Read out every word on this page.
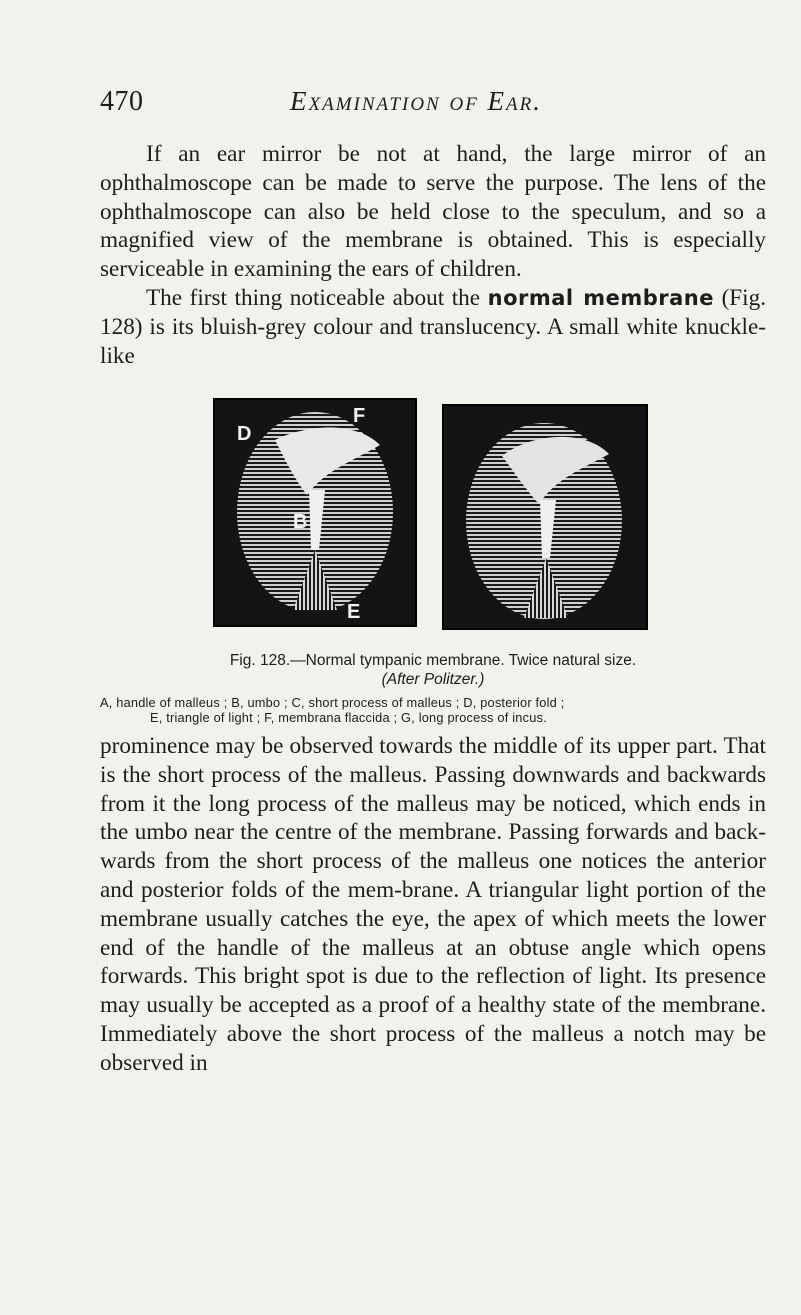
470	Examination of Ear.

If an ear mirror be not at hand, the large mirror of an ophthalmoscope can be made to serve the purpose. The lens of the ophthalmoscope can also be held close to the speculum, and so a magnified view of the membrane is obtained. This is especially serviceable in examining the ears of children.

The first thing noticeable about the normal membrane (Fig. 128) is its bluish-grey colour and translucency. A small white knuckle-like

D
F
B
E
Fig. 128.—Normal tympanic membrane. Twice natural size.
(After Politzer.)
A, handle of malleus ; B, umbo ; C, short process of malleus ; D, posterior fold ;
E, triangle of light ; F, membrana flaccida ; G, long process of incus.

prominence may be observed towards the middle of its upper part. That is the short process of the malleus. Passing downwards and backwards from it the long process of the malleus may be noticed, which ends in the umbo near the centre of the membrane. Passing forwards and back-wards from the short process of the malleus one notices the anterior and posterior folds of the mem-brane. A triangular light portion of the membrane usually catches the eye, the apex of which meets the lower end of the handle of the malleus at an obtuse angle which opens forwards. This bright spot is due to the reflection of light. Its presence may usually be accepted as a proof of a healthy state of the membrane. Immediately above the short process of the malleus a notch may be observed in
